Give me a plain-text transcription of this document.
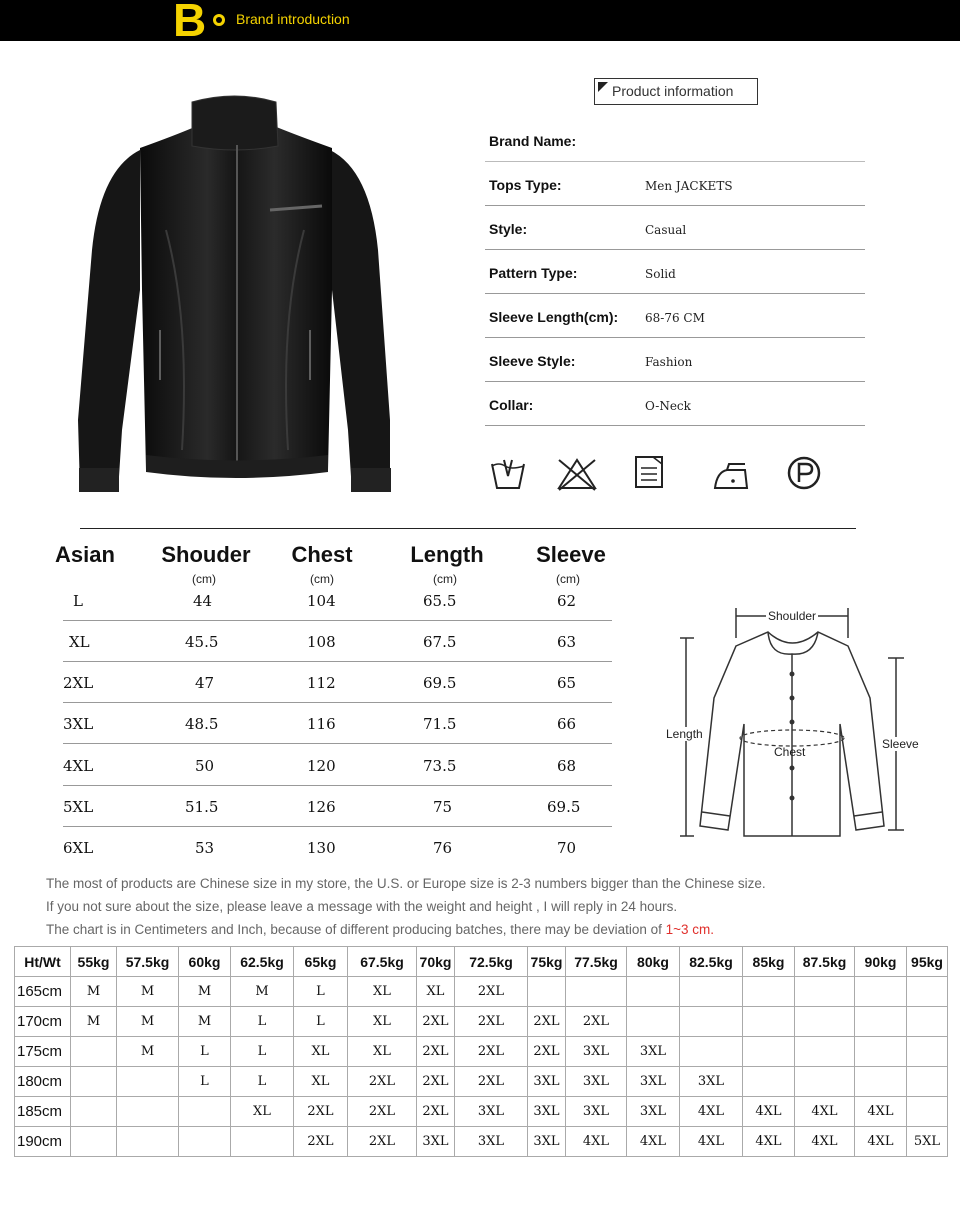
B Brand introduction
Product information
Brand Name:
Tops Type:	Men JACKETS
Style:	Casual
Pattern Type:	Solid
Sleeve Length(cm): 68-76 CM
Sleeve Style:	Fashion
Collar:	O-Neck
Asian Shouder	Chest	Length	Sleeve
(cm)	(cm)	(cm)	(cm)
L	44	104	65.5	62
XL	45.5	108	67.5	63
2XL	47	112	69.5	65
3XL	48.5	116	71.5	66
4XL	50	120	73.5	68
5XL	51.5	126	75	69.5
6XL	53	130	76	70
Shoulder
Length
Chest
Sleeve
The most of products are Chinese size in my store, the U.S. or Europe size is 2-3 numbers bigger than the Chinese size.
If you not sure about the size, please leave a message with the weight and height , I will reply in 24 hours.
The chart is in Centimeters and Inch, because of different producing batches, there may be deviation of 1~3 cm.
Ht/Wt	55kg	57.5kg	60kg	62.5kg	65kg	67.5kg	70kg	72.5kg	75kg	77.5kg	80kg	82.5kg	85kg	87.5kg	90kg	95kg
165cm	M	M	M	M	L	XL	XL	2XL								
170cm	M	M	M	L	L	XL	2XL	2XL	2XL	2XL						
175cm		M	L	L	XL	XL	2XL	2XL	2XL	3XL	3XL					
180cm			L	L	XL	2XL	2XL	2XL	3XL	3XL	3XL	3XL				
185cm				XL	2XL	2XL	2XL	3XL	3XL	3XL	3XL	4XL	4XL	4XL	4XL	
190cm					2XL	2XL	3XL	3XL	3XL	4XL	4XL	4XL	4XL	4XL	4XL	5XL
